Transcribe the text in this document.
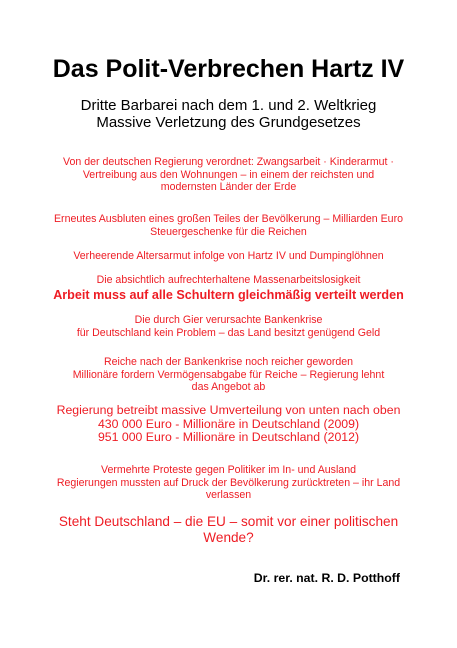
Das Polit-Verbrechen Hartz IV
Dritte Barbarei nach dem 1. und 2. Weltkrieg
Massive Verletzung des Grundgesetzes
Von der deutschen Regierung verordnet: Zwangsarbeit · Kinderarmut ·
Vertreibung aus den Wohnungen – in einem der reichsten und
modernsten Länder der Erde
Erneutes Ausbluten eines großen Teiles der Bevölkerung – Milliarden Euro
Steuergeschenke für die Reichen
Verheerende Altersarmut infolge von Hartz IV und Dumpinglöhnen
Die absichtlich aufrechterhaltene Massenarbeitslosigkeit
Arbeit muss auf alle Schultern gleichmäßig verteilt werden
Die durch Gier verursachte Bankenkrise
für Deutschland kein Problem – das Land besitzt genügend Geld
Reiche nach der Bankenkrise noch reicher geworden
Millionäre fordern Vermögensabgabe für Reiche – Regierung lehnt
das Angebot ab
Regierung betreibt massive Umverteilung von unten nach oben
430 000 Euro - Millionäre in Deutschland (2009)
951 000 Euro - Millionäre in Deutschland (2012)
Vermehrte Proteste gegen Politiker im In- und Ausland
Regierungen mussten auf Druck der Bevölkerung zurücktreten – ihr Land
verlassen
Steht Deutschland – die EU – somit vor einer politischen
Wende?
Dr. rer. nat. R. D. Potthoff
